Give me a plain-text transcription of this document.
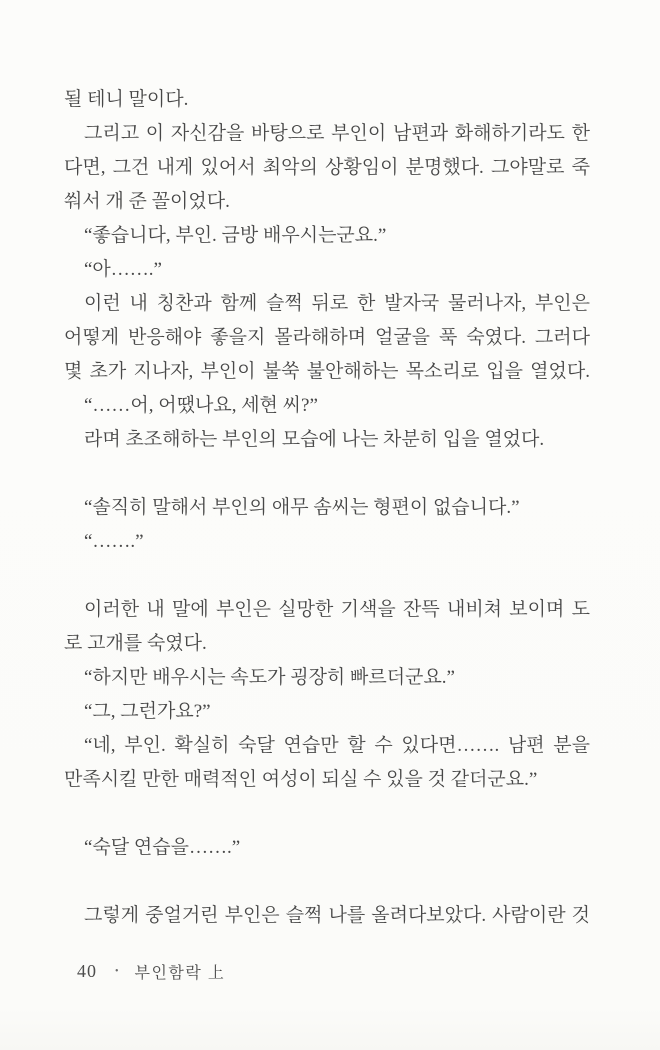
될 테니 말이다.
그리고 이 자신감을 바탕으로 부인이 남편과 화해하기라도 한
다면, 그건 내게 있어서 최악의 상황임이 분명했다. 그야말로 죽
쒀서 개 준 꼴이었다.
“좋습니다, 부인. 금방 배우시는군요.”
“아…….”
이런 내 칭찬과 함께 슬쩍 뒤로 한 발자국 물러나자, 부인은
어떻게 반응해야 좋을지 몰라해하며 얼굴을 푹 숙였다. 그러다
몇 초가 지나자, 부인이 불쑥 불안해하는 목소리로 입을 열었다.
“……어, 어땠나요, 세현 씨?”
라며 초조해하는 부인의 모습에 나는 차분히 입을 열었다.
“솔직히 말해서 부인의 애무 솜씨는 형편이 없습니다.”
“…….”
이러한 내 말에 부인은 실망한 기색을 잔뜩 내비쳐 보이며 도
로 고개를 숙였다.
“하지만 배우시는 속도가 굉장히 빠르더군요.”
“그, 그런가요?”
“네, 부인. 확실히 숙달 연습만 할 수 있다면……. 남편 분을
만족시킬 만한 매력적인 여성이 되실 수 있을 것 같더군요.”
“숙달 연습을…….”
그렇게 중얼거린 부인은 슬쩍 나를 올려다보았다. 사람이란 것
40 • 부인함락 上
